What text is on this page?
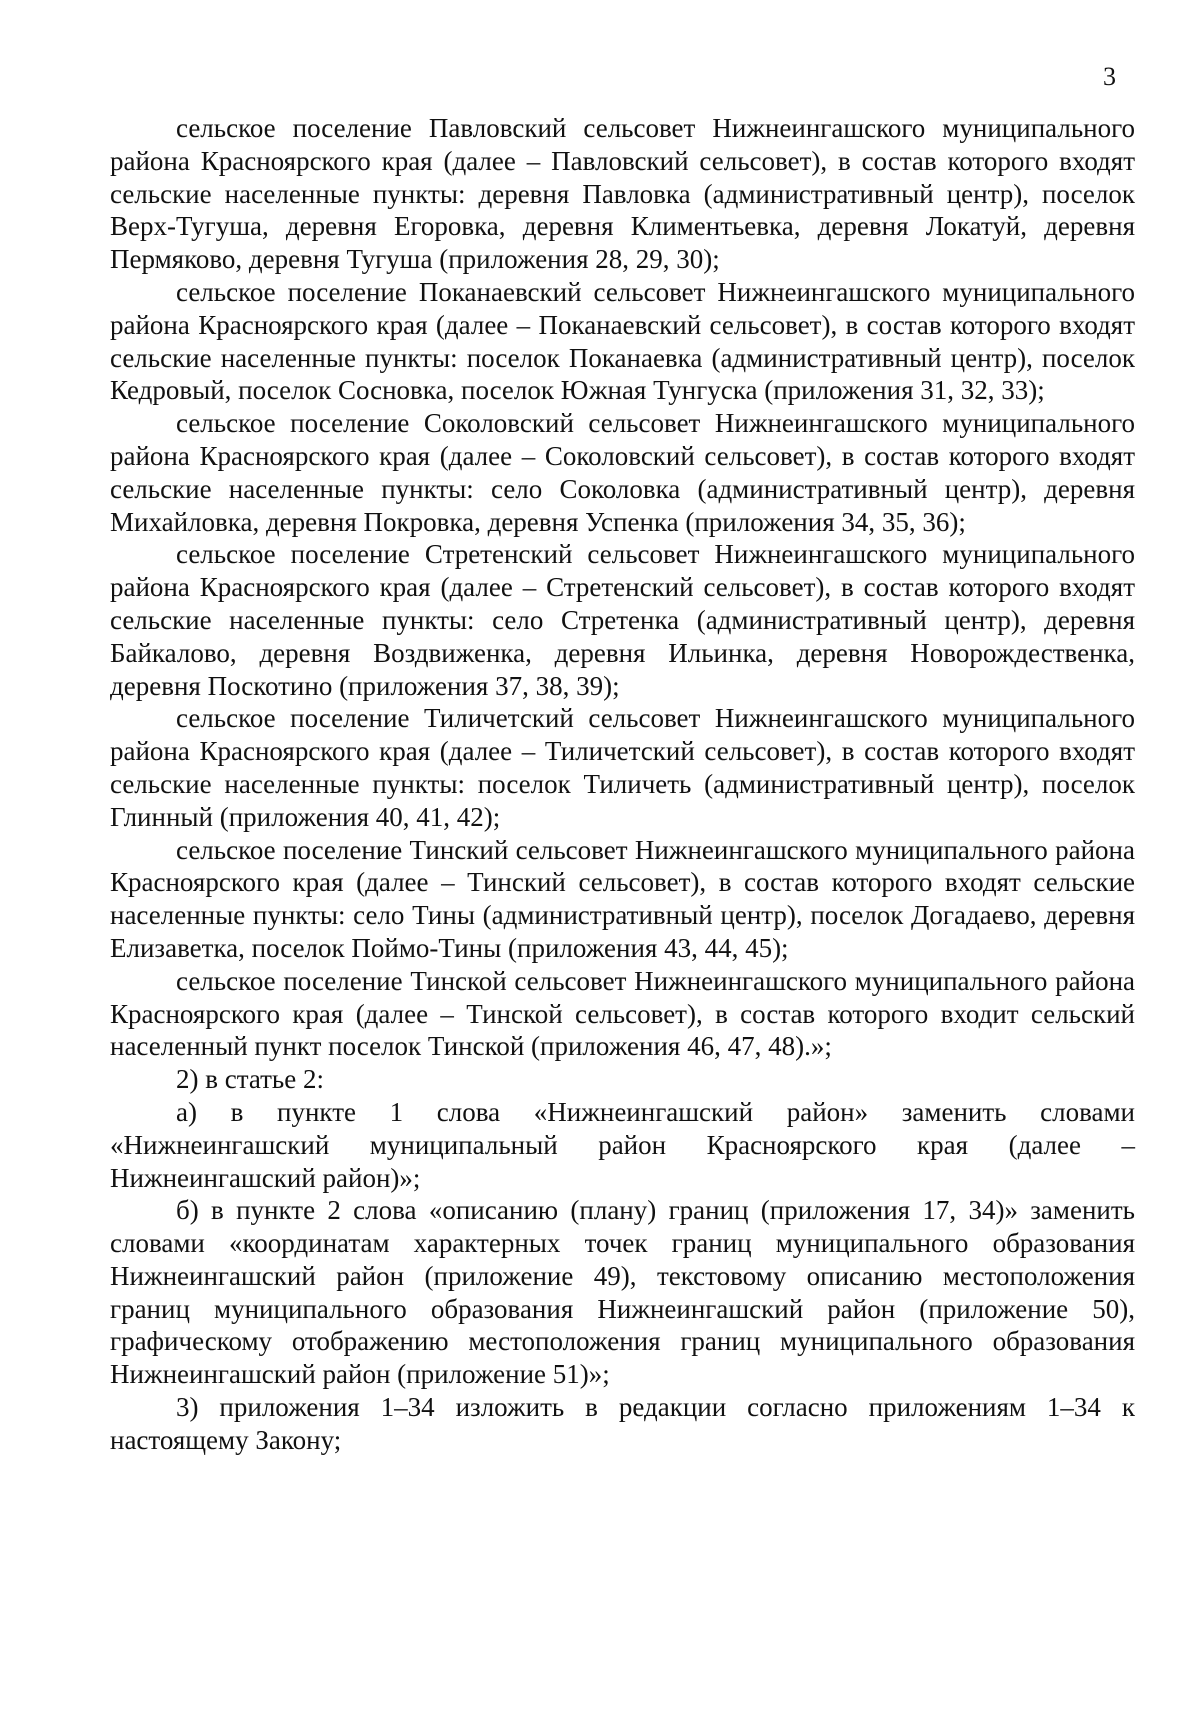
3

сельское поселение Павловский сельсовет Нижнеингашского муниципального района Красноярского края (далее – Павловский сельсовет), в состав которого входят сельские населенные пункты: деревня Павловка (административный центр), поселок Верх-Тугуша, деревня Егоровка, деревня Климентьевка, деревня Локатуй, деревня Пермяково, деревня Тугуша (приложения 28, 29, 30);

сельское поселение Поканаевский сельсовет Нижнеингашского муниципального района Красноярского края (далее – Поканаевский сельсовет), в состав которого входят сельские населенные пункты: поселок Поканаевка (административный центр), поселок Кедровый, поселок Сосновка, поселок Южная Тунгуска (приложения 31, 32, 33);

сельское поселение Соколовский сельсовет Нижнеингашского муниципального района Красноярского края (далее – Соколовский сельсовет), в состав которого входят сельские населенные пункты: село Соколовка (административный центр), деревня Михайловка, деревня Покровка, деревня Успенка (приложения 34, 35, 36);

сельское поселение Стретенский сельсовет Нижнеингашского муниципального района Красноярского края (далее – Стретенский сельсовет), в состав которого входят сельские населенные пункты: село Стретенка (административный центр), деревня Байкалово, деревня Воздвиженка, деревня Ильинка, деревня Новорождественка, деревня Поскотино (приложения 37, 38, 39);

сельское поселение Тиличетский сельсовет Нижнеингашского муниципального района Красноярского края (далее – Тиличетский сельсовет), в состав которого входят сельские населенные пункты: поселок Тиличеть (административный центр), поселок Глинный (приложения 40, 41, 42);

сельское поселение Тинский сельсовет Нижнеингашского муниципального района Красноярского края (далее – Тинский сельсовет), в состав которого входят сельские населенные пункты: село Тины (административный центр), поселок Догадаево, деревня Елизаветка, поселок Поймо-Тины (приложения 43, 44, 45);

сельское поселение Тинской сельсовет Нижнеингашского муниципального района Красноярского края (далее – Тинской сельсовет), в состав которого входит сельский населенный пункт поселок Тинской (приложения 46, 47, 48).»;

2) в статье 2:

а) в пункте 1 слова «Нижнеингашский район» заменить словами «Нижнеингашский муниципальный район Красноярского края (далее – Нижнеингашский район)»;

б) в пункте 2 слова «описанию (плану) границ (приложения 17, 34)» заменить словами «координатам характерных точек границ муниципального образования Нижнеингашский район (приложение 49), текстовому описанию местоположения границ муниципального образования Нижнеингашский район (приложение 50), графическому отображению местоположения границ муниципального образования Нижнеингашский район (приложение 51)»;

3) приложения 1–34 изложить в редакции согласно приложениям 1–34 к настоящему Закону;
